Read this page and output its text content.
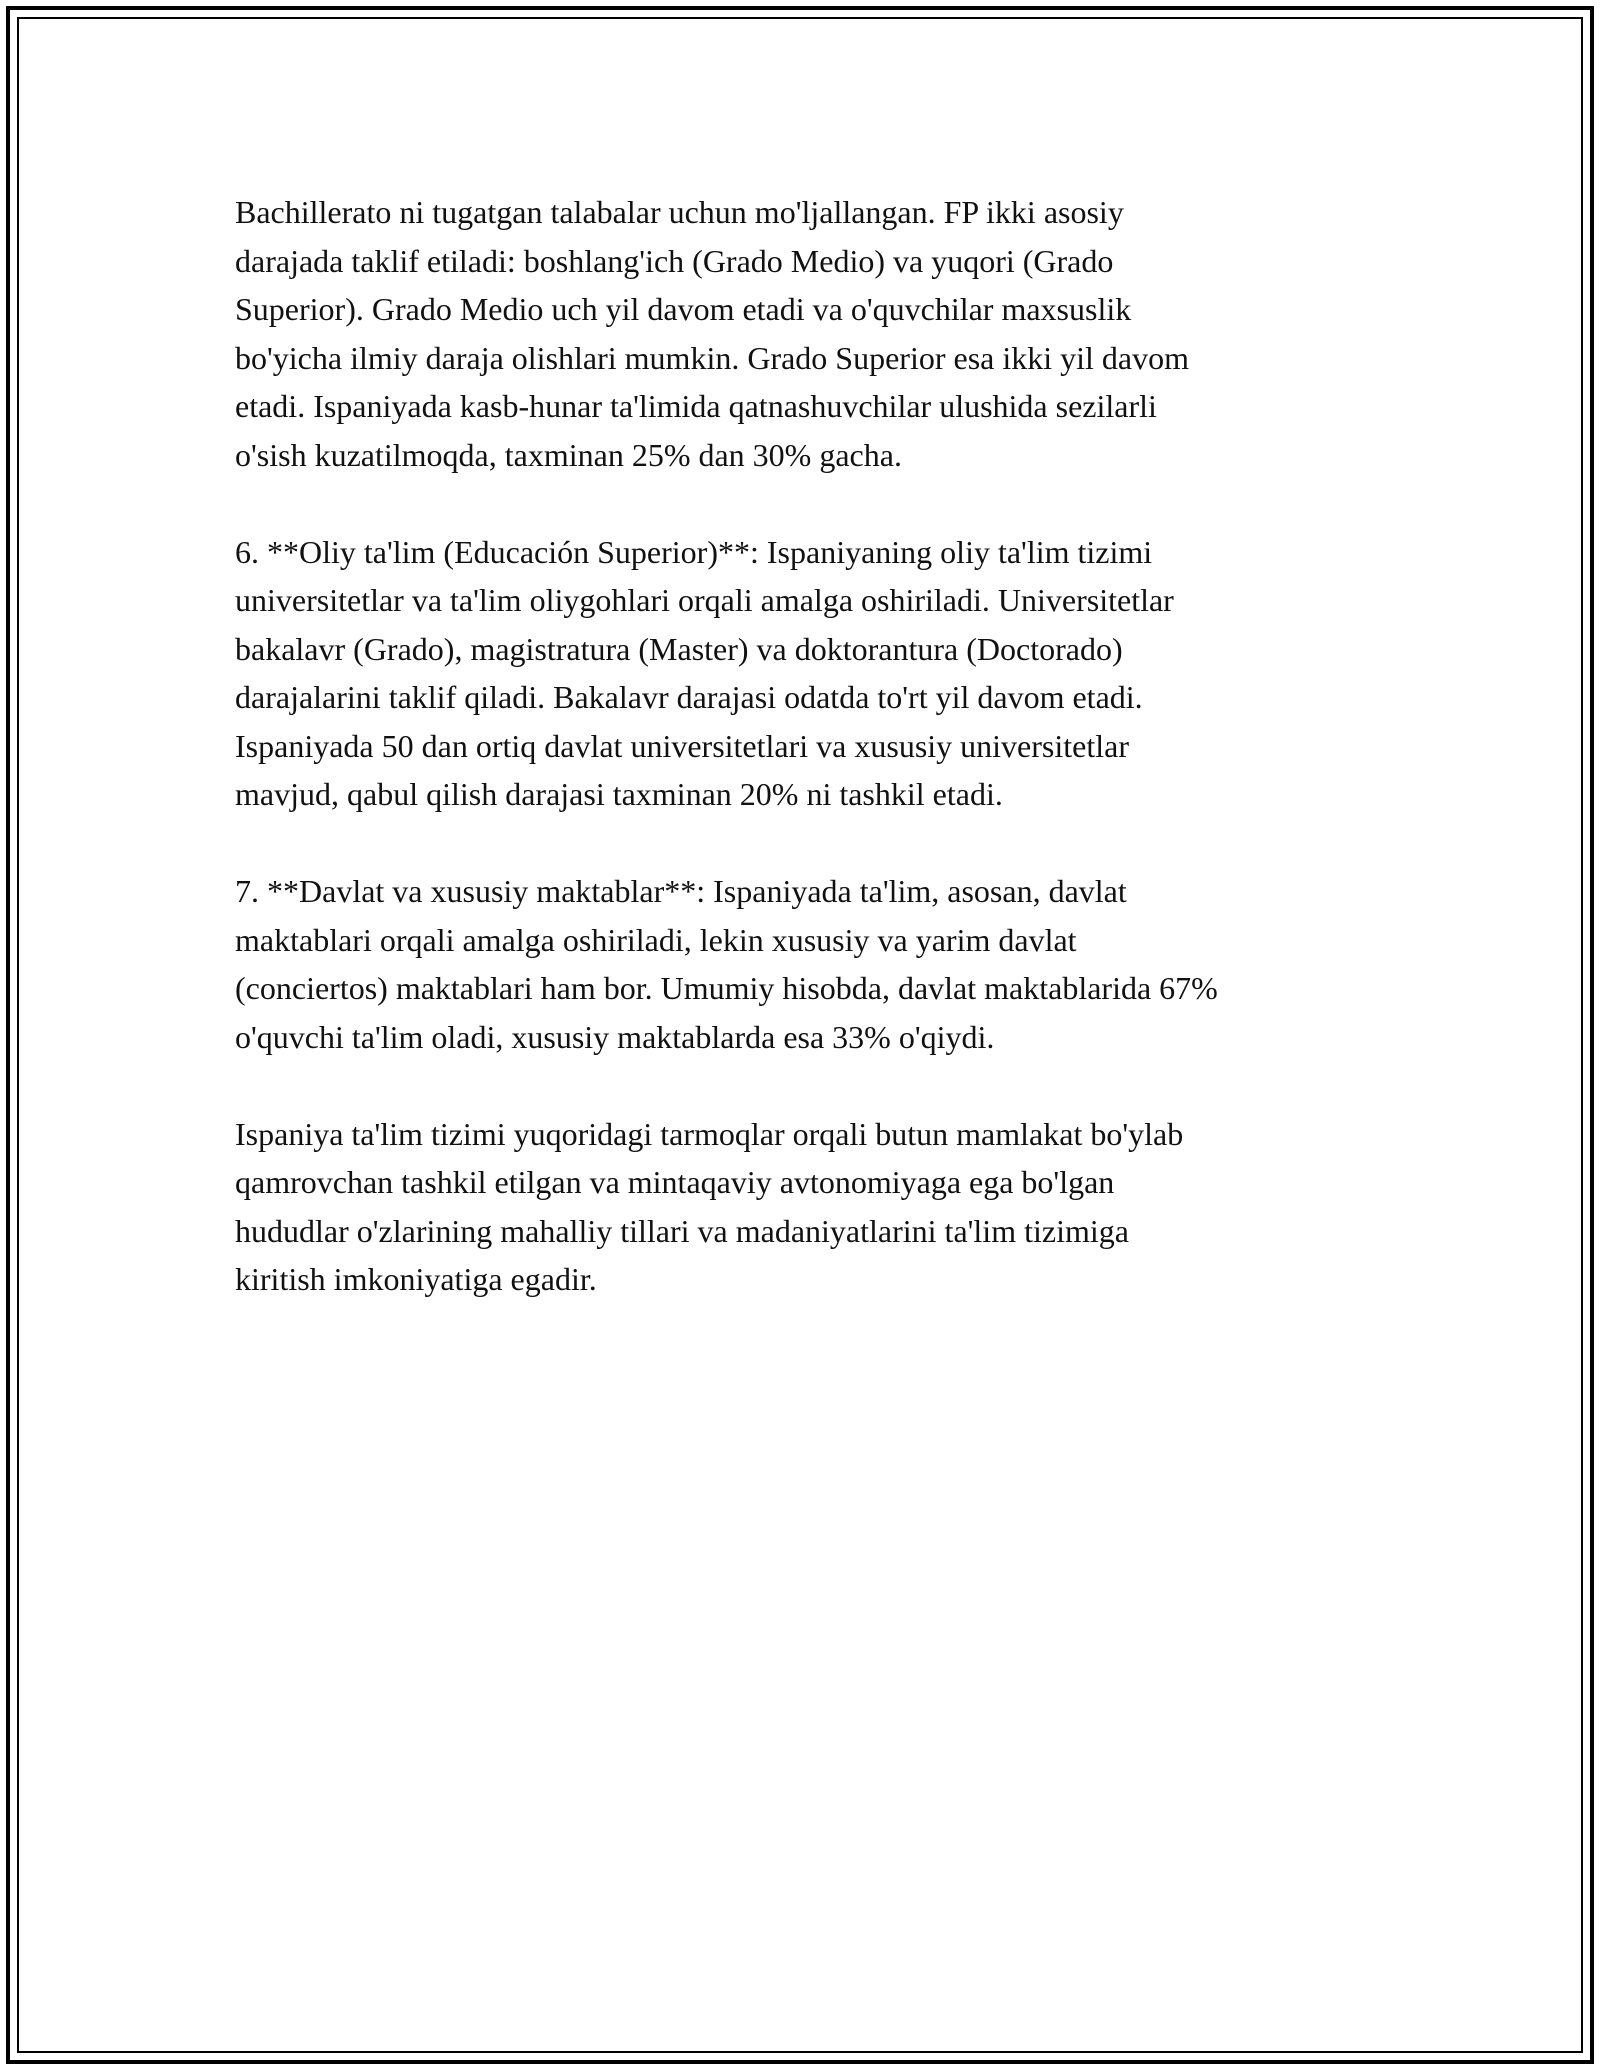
Bachillerato ni tugatgan talabalar uchun mo'ljallangan. FP ikki asosiy
darajada taklif etiladi: boshlang'ich (Grado Medio) va yuqori (Grado
Superior). Grado Medio uch yil davom etadi va o'quvchilar maxsuslik
bo'yicha ilmiy daraja olishlari mumkin. Grado Superior esa ikki yil davom
etadi. Ispaniyada kasb-hunar ta'limida qatnashuvchilar ulushida sezilarli
o'sish kuzatilmoqda, taxminan 25% dan 30% gacha.

6. **Oliy ta'lim (Educación Superior)**: Ispaniyaning oliy ta'lim tizimi
universitetlar va ta'lim oliygohlari orqali amalga oshiriladi. Universitetlar
bakalavr (Grado), magistratura (Master) va doktorantura (Doctorado)
darajalarini taklif qiladi. Bakalavr darajasi odatda to'rt yil davom etadi.
Ispaniyada 50 dan ortiq davlat universitetlari va xususiy universitetlar
mavjud, qabul qilish darajasi taxminan 20% ni tashkil etadi.

7. **Davlat va xususiy maktablar**: Ispaniyada ta'lim, asosan, davlat
maktablari orqali amalga oshiriladi, lekin xususiy va yarim davlat
(conciertos) maktablari ham bor. Umumiy hisobda, davlat maktablarida 67%
o'quvchi ta'lim oladi, xususiy maktablarda esa 33% o'qiydi.

Ispaniya ta'lim tizimi yuqoridagi tarmoqlar orqali butun mamlakat bo'ylab
qamrovchan tashkil etilgan va mintaqaviy avtonomiyaga ega bo'lgan
hududlar o'zlarining mahalliy tillari va madaniyatlarini ta'lim tizimiga
kiritish imkoniyatiga egadir.
